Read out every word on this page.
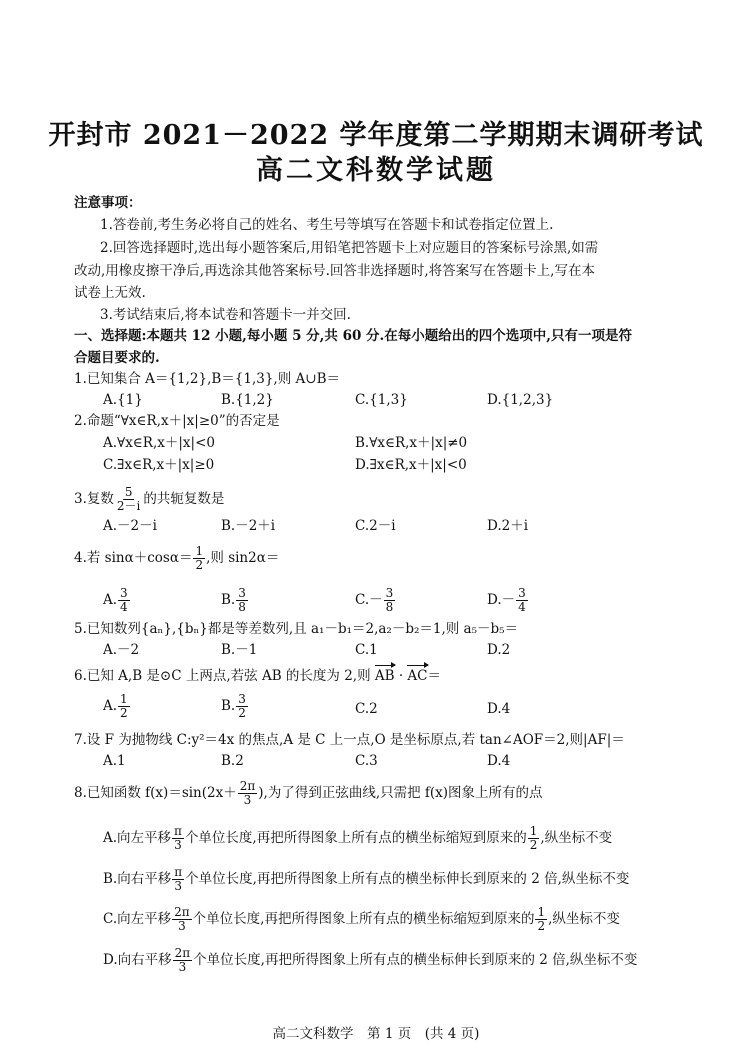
开封市 2021－2022 学年度第二学期期末调研考试
高二文科数学试题
注意事项：
1.答卷前,考生务必将自己的姓名、考生号等填写在答题卡和试卷指定位置上.
2.回答选择题时,选出每小题答案后,用铅笔把答题卡上对应题目的答案标号涂黑,如需
改动,用橡皮擦干净后,再选涂其他答案标号.回答非选择题时,将答案写在答题卡上,写在本
试卷上无效.
3.考试结束后,将本试卷和答题卡一并交回.
一、选择题:本题共 12 小题,每小题 5 分,共 60 分.在每小题给出的四个选项中,只有一项是符
合题目要求的.
1.已知集合 A＝{1,2},B＝{1,3},则 A∪B＝
A.{1}	B.{1,2}	C.{1,3}	D.{1,2,3}
2.命题“∀x∈R,x＋|x|≥0”的否定是
A.∀x∈R,x＋|x|<0	B.∀x∈R,x＋|x|≠0
C.∃x∈R,x＋|x|≥0	D.∃x∈R,x＋|x|<0
3.复数 $\frac{5}{2-i}$ 的共轭复数是
A.－2－i	B.－2＋i	C.2－i	D.2＋i
4.若 $\sin\alpha+\cos\alpha= \frac{1}{2}$ ,则 sin2α＝
A. $\frac{3}{4}$	B. $\frac{3}{8}$	$C.- \frac{3}{8}$	$D.- \frac{3}{4}$
5.已知数列{aₙ},{bₙ}都是等差数列,且 a₁－b₁＝2,a₂－b₂＝1,则 a₅－b₅＝
A.－2	B.－1	C.1	D.2
6.已知 A,B 是⊙C 上两点,若弦 AB 的长度为 2,则 AB · AC＝
A. $\frac{1}{2}$	B. $\frac{3}{2}$	C.2	D.4
7.设 F 为抛物线 C:y²＝4x 的焦点,A 是 C 上一点,O 是坐标原点,若 tan∠AOF＝2,则|AF|＝
A.1	B.2	C.3	D.4
8.已知函数 $f(x)=\sin(2x+ \frac{2\pi}{3}$ ),为了得到正弦曲线,只需把 f(x)图象上所有的点
A.向左平移 $\frac{\pi}{3}$ 个单位长度,再把所得图象上所有点的横坐标缩短到原来的 $\frac{1}{2}$ ,纵坐标不变
B.向右平移 $\frac{\pi}{3}$ 个单位长度,再把所得图象上所有点的横坐标伸长到原来的 2 倍,纵坐标不变
C.向左平移 $\frac{2\pi}{3}$ 个单位长度,再把所得图象上所有点的横坐标缩短到原来的 $\frac{1}{2}$ ,纵坐标不变
D.向右平移 $\frac{2\pi}{3}$ 个单位长度,再把所得图象上所有点的横坐标伸长到原来的 2 倍,纵坐标不变
高二文科数学　第 1 页　(共 4 页)
